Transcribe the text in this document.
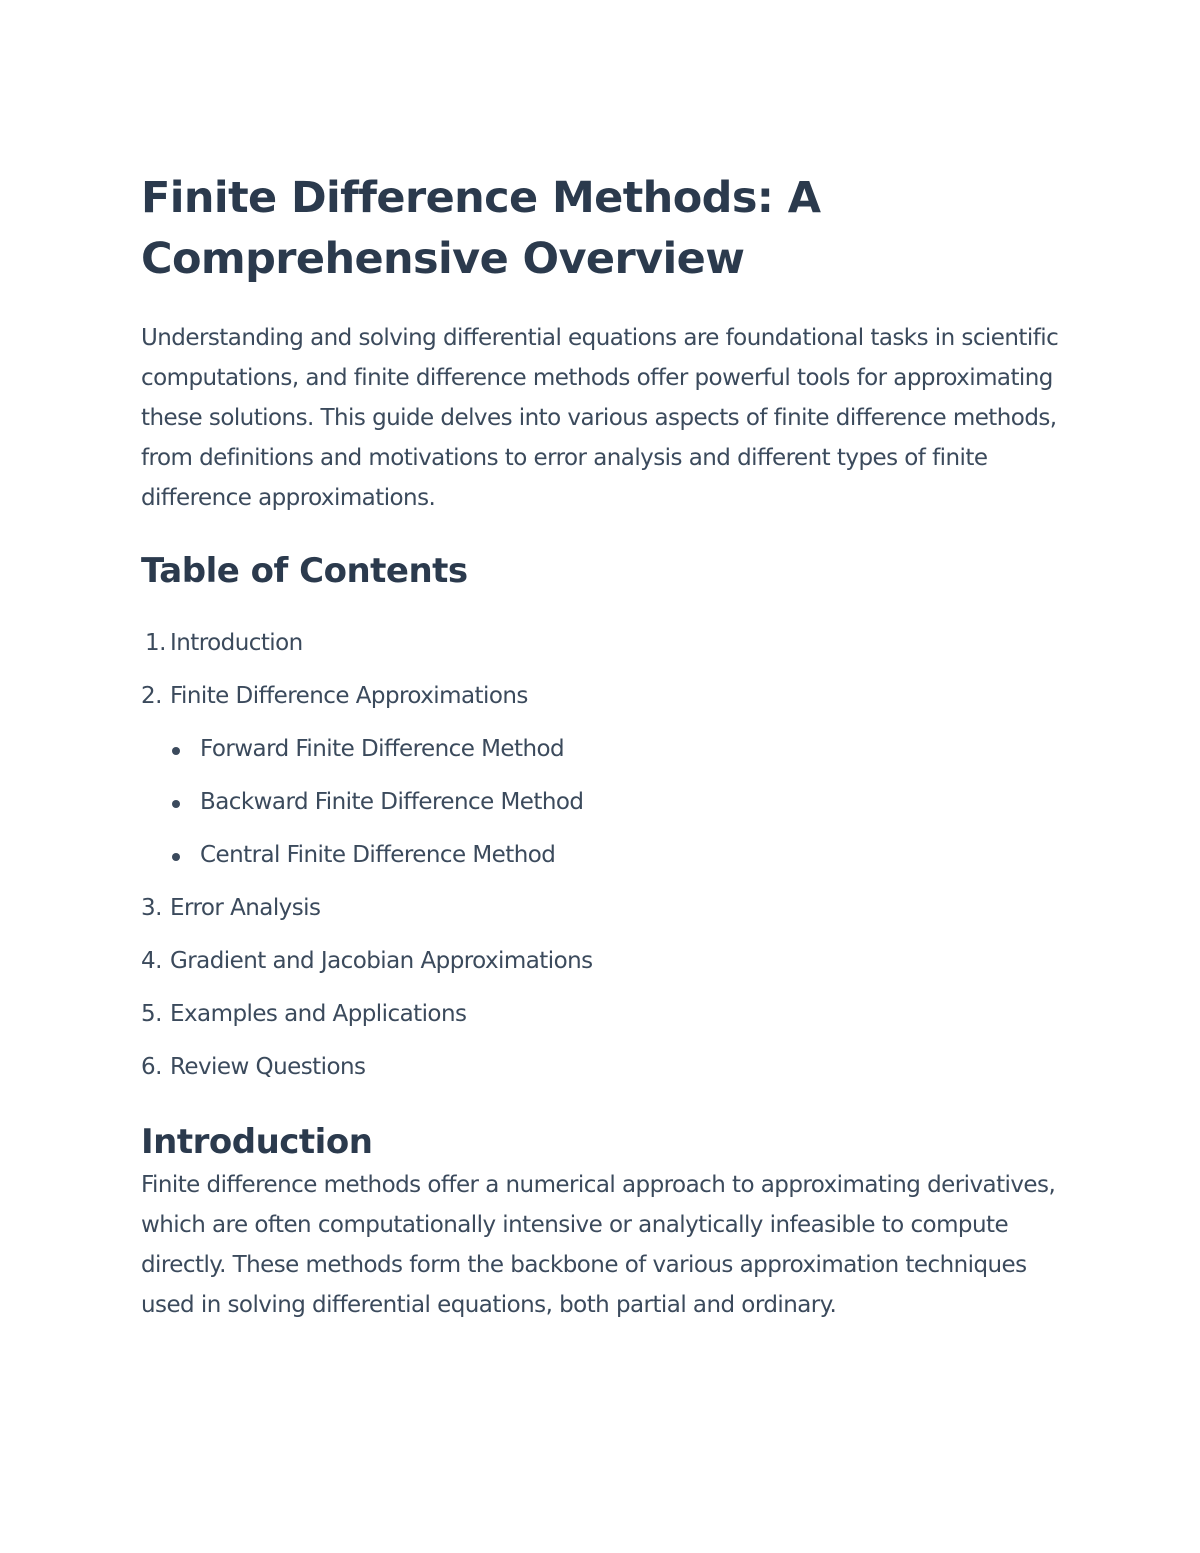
Finite Difference Methods: A Comprehensive Overview

Understanding and solving differential equations are foundational tasks in scientific computations, and finite difference methods offer powerful tools for approximating these solutions. This guide delves into various aspects of finite difference methods, from definitions and motivations to error analysis and different types of finite difference approximations.

Table of Contents
1. Introduction
2. Finite Difference Approximations
Forward Finite Difference Method
Backward Finite Difference Method
Central Finite Difference Method
3. Error Analysis
4. Gradient and Jacobian Approximations
5. Examples and Applications
6. Review Questions
Introduction

Finite difference methods offer a numerical approach to approximating derivatives, which are often computationally intensive or analytically infeasible to compute directly. These methods form the backbone of various approximation techniques used in solving differential equations, both partial and ordinary.
